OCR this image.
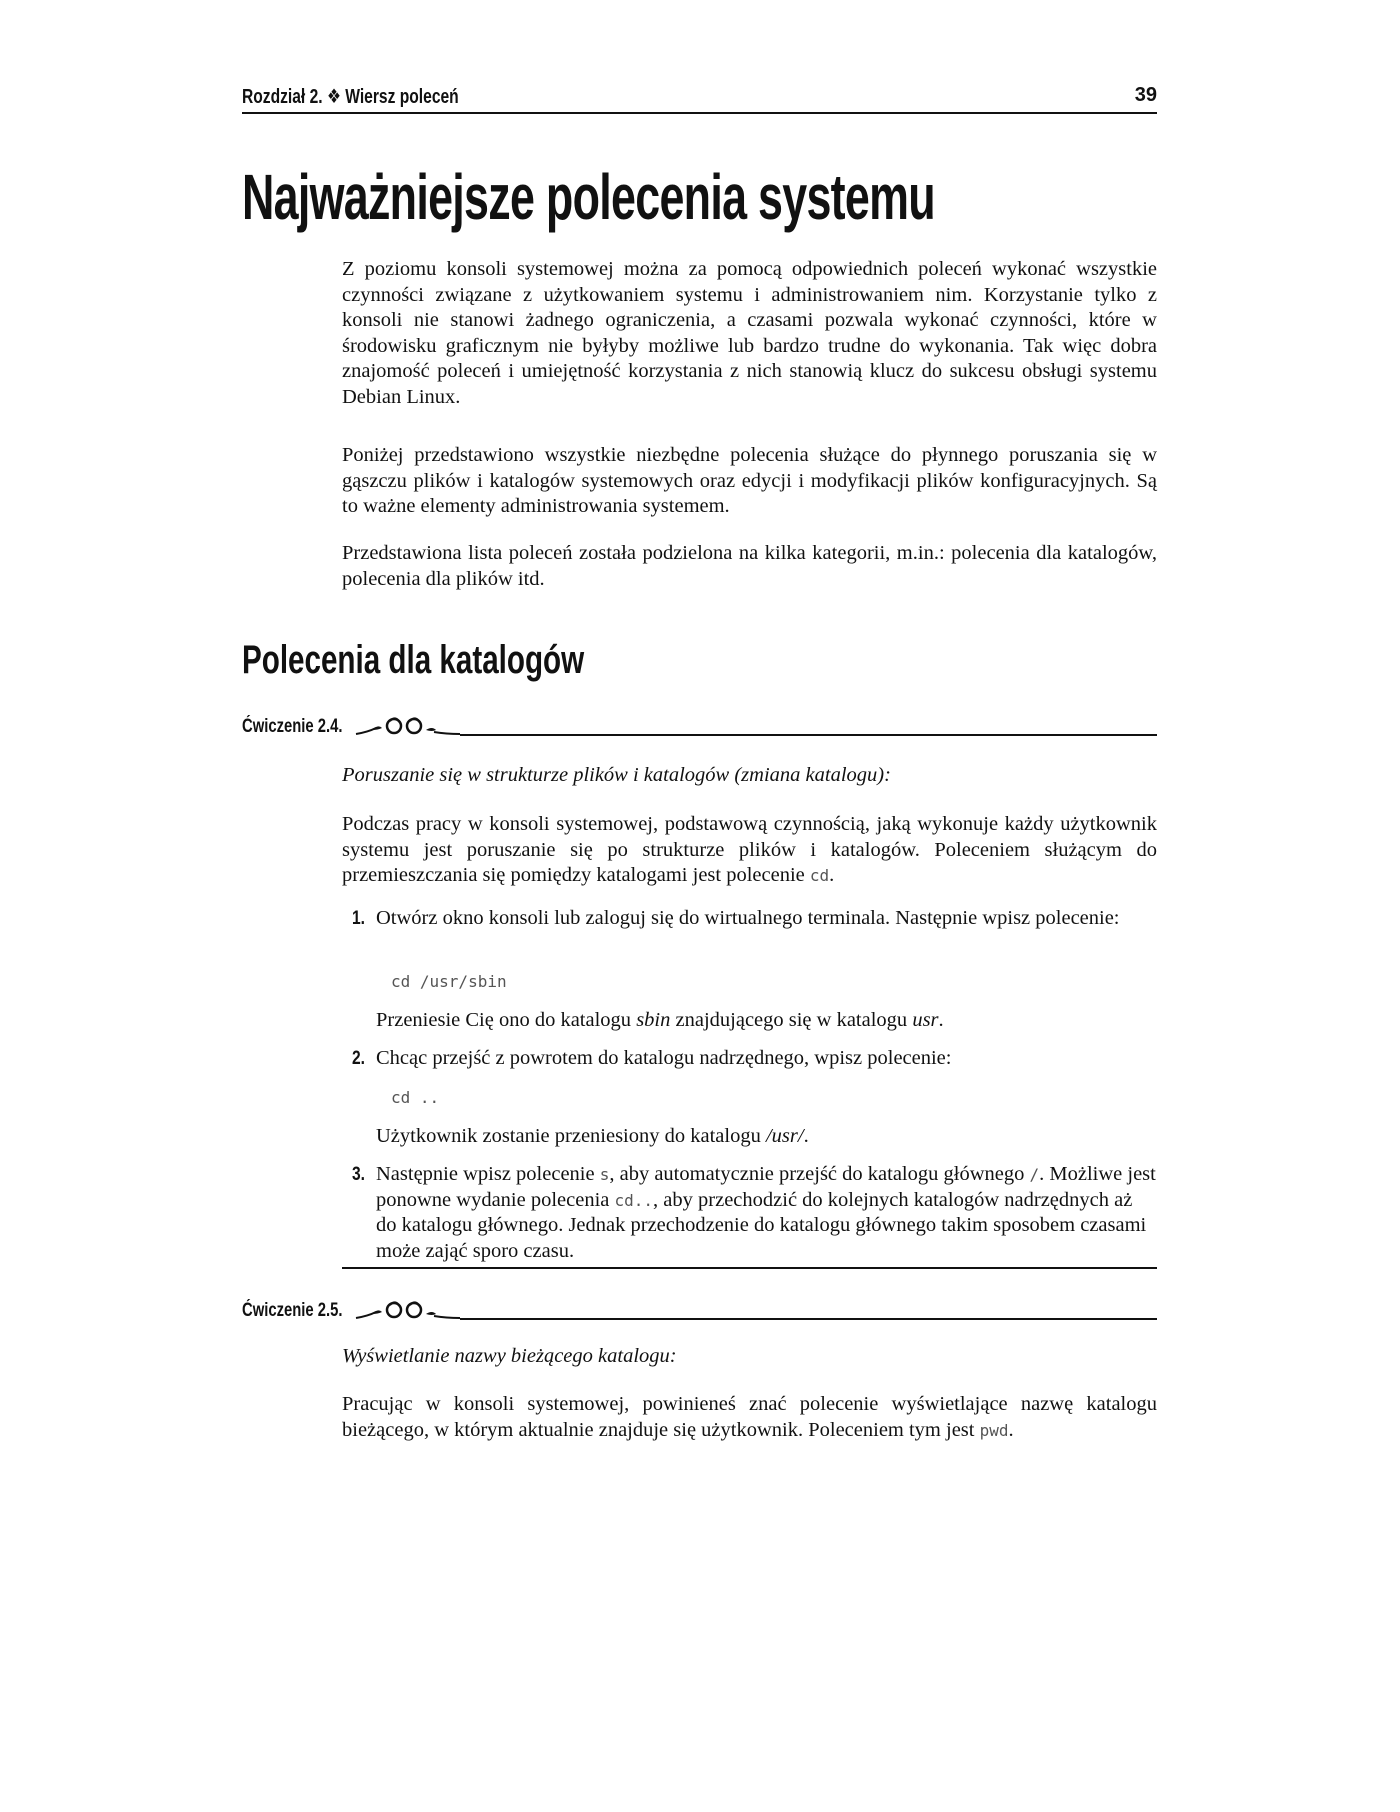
Rozdział 2. ❖ Wiersz poleceń	39
Najważniejsze polecenia systemu

Z poziomu konsoli systemowej można za pomocą odpowiednich poleceń wykonać wszystkie czynności związane z użytkowaniem systemu i administrowaniem nim. Korzystanie tylko z konsoli nie stanowi żadnego ograniczenia, a czasami pozwala wykonać czynności, które w środowisku graficznym nie byłyby możliwe lub bardzo trudne do wykonania. Tak więc dobra znajomość poleceń i umiejętność korzystania z nich stanowią klucz do sukcesu obsługi systemu Debian Linux.

Poniżej przedstawiono wszystkie niezbędne polecenia służące do płynnego poruszania się w gąszczu plików i katalogów systemowych oraz edycji i modyfikacji plików konfiguracyjnych. Są to ważne elementy administrowania systemem.

Przedstawiona lista poleceń została podzielona na kilka kategorii, m.in.: polecenia dla katalogów, polecenia dla plików itd.

Polecenia dla katalogów
Ćwiczenie 2.4.

Poruszanie się w strukturze plików i katalogów (zmiana katalogu):

Podczas pracy w konsoli systemowej, podstawową czynnością, jaką wykonuje każdy użytkownik systemu jest poruszanie się po strukturze plików i katalogów. Poleceniem służącym do przemieszczania się pomiędzy katalogami jest polecenie cd.

1. Otwórz okno konsoli lub zaloguj się do wirtualnego terminala. Następnie wpisz polecenie:
cd /usr/sbin
Przeniesie Cię ono do katalogu sbin znajdującego się w katalogu usr.
2. Chcąc przejść z powrotem do katalogu nadrzędnego, wpisz polecenie:
cd ..
Użytkownik zostanie przeniesiony do katalogu /usr/.
3. Następnie wpisz polecenie s, aby automatycznie przejść do katalogu głównego /. Możliwe jest ponowne wydanie polecenia cd.., aby przechodzić do kolejnych katalogów nadrzędnych aż do katalogu głównego. Jednak przechodzenie do katalogu głównego takim sposobem czasami może zająć sporo czasu.
Ćwiczenie 2.5.

Wyświetlanie nazwy bieżącego katalogu:

Pracując w konsoli systemowej, powinieneś znać polecenie wyświetlające nazwę katalogu bieżącego, w którym aktualnie znajduje się użytkownik. Poleceniem tym jest pwd.
